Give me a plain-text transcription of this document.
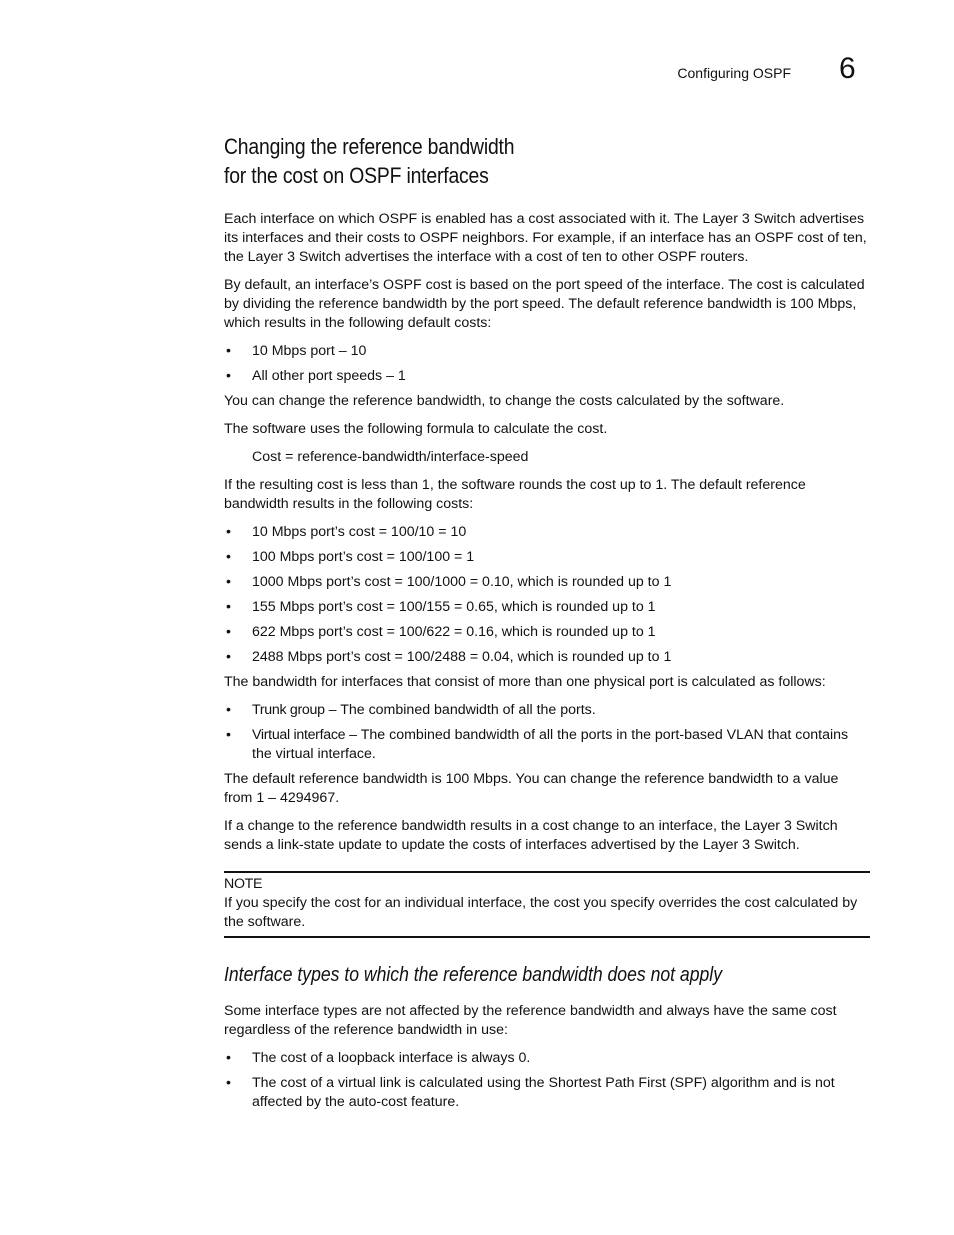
Configuring OSPF 6
Changing the reference bandwidth
for the cost on OSPF interfaces

Each interface on which OSPF is enabled has a cost associated with it. The Layer 3 Switch advertises its interfaces and their costs to OSPF neighbors. For example, if an interface has an OSPF cost of ten, the Layer 3 Switch advertises the interface with a cost of ten to other OSPF routers.

By default, an interface’s OSPF cost is based on the port speed of the interface. The cost is calculated by dividing the reference bandwidth by the port speed. The default reference bandwidth is 100 Mbps, which results in the following default costs:

• 10 Mbps port – 10
• All other port speeds – 1

You can change the reference bandwidth, to change the costs calculated by the software.

The software uses the following formula to calculate the cost.

Cost = reference-bandwidth/interface-speed

If the resulting cost is less than 1, the software rounds the cost up to 1. The default reference bandwidth results in the following costs:

• 10 Mbps port’s cost = 100/10 = 10
• 100 Mbps port’s cost = 100/100 = 1
• 1000 Mbps port’s cost = 100/1000 = 0.10, which is rounded up to 1
• 155 Mbps port’s cost = 100/155 = 0.65, which is rounded up to 1
• 622 Mbps port’s cost = 100/622 = 0.16, which is rounded up to 1
• 2488 Mbps port’s cost = 100/2488 = 0.04, which is rounded up to 1

The bandwidth for interfaces that consist of more than one physical port is calculated as follows:

• Trunk group – The combined bandwidth of all the ports.
• Virtual interface – The combined bandwidth of all the ports in the port-based VLAN that contains the virtual interface.

The default reference bandwidth is 100 Mbps. You can change the reference bandwidth to a value from 1 – 4294967.

If a change to the reference bandwidth results in a cost change to an interface, the Layer 3 Switch sends a link-state update to update the costs of interfaces advertised by the Layer 3 Switch.

NOTE

If you specify the cost for an individual interface, the cost you specify overrides the cost calculated by the software.

Interface types to which the reference bandwidth does not apply

Some interface types are not affected by the reference bandwidth and always have the same cost regardless of the reference bandwidth in use:

• The cost of a loopback interface is always 0.
• The cost of a virtual link is calculated using the Shortest Path First (SPF) algorithm and is not affected by the auto-cost feature.
